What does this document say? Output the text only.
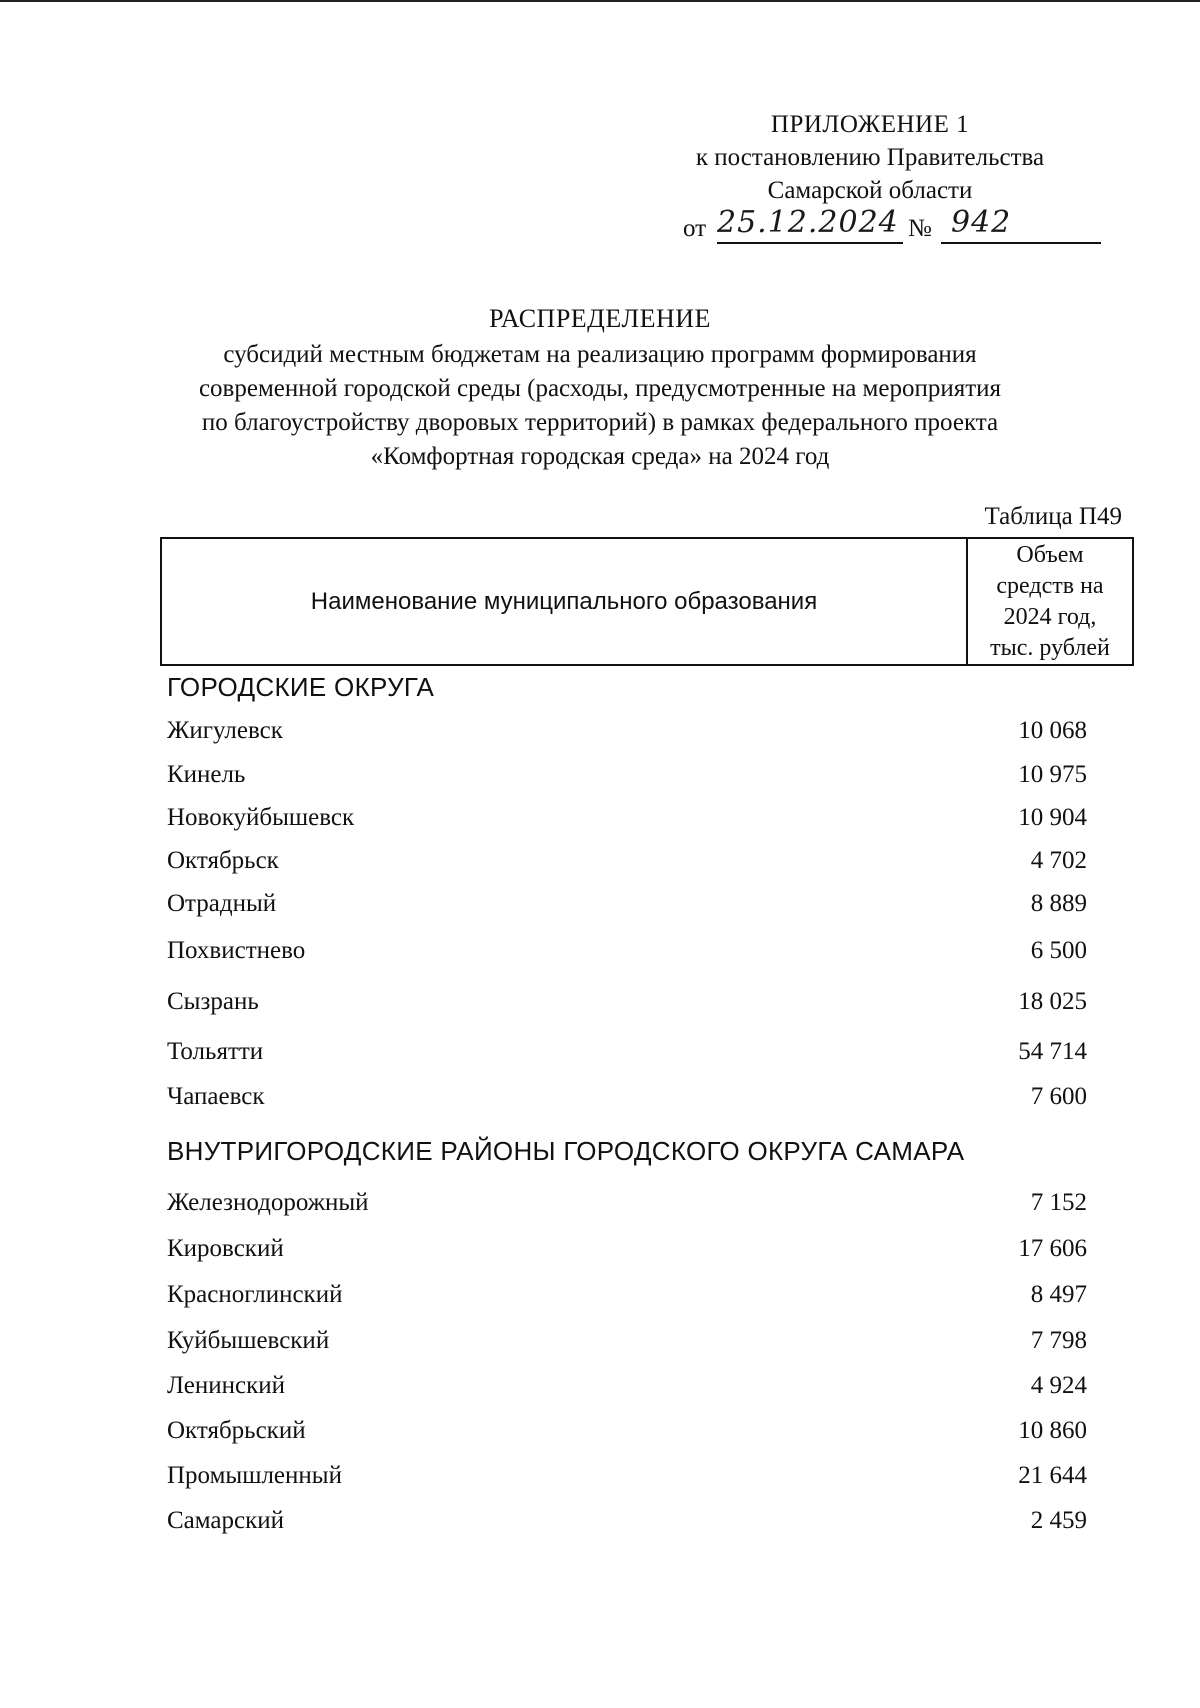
ПРИЛОЖЕНИЕ 1
к постановлению Правительства
Самарской области
от 25.12.2024 № 942
РАСПРЕДЕЛЕНИЕ
субсидий местным бюджетам на реализацию программ формирования
современной городской среды (расходы, предусмотренные на мероприятия
по благоустройству дворовых территорий) в рамках федерального проекта
«Комфортная городская среда» на 2024 год
Таблица П49
Наименование муниципального образования
Объем
средств на
2024 год,
тыс. рублей
ГОРОДСКИЕ ОКРУГА
Жигулевск	10 068
Кинель	10 975
Новокуйбышевск	10 904
Октябрьск	4 702
Отрадный	8 889
Похвистнево	6 500
Сызрань	18 025
Тольятти	54 714
Чапаевск	7 600
ВНУТРИГОРОДСКИЕ РАЙОНЫ ГОРОДСКОГО ОКРУГА САМАРА
Железнодорожный	7 152
Кировский	17 606
Красноглинский	8 497
Куйбышевский	7 798
Ленинский	4 924
Октябрьский	10 860
Промышленный	21 644
Самарский	2 459
